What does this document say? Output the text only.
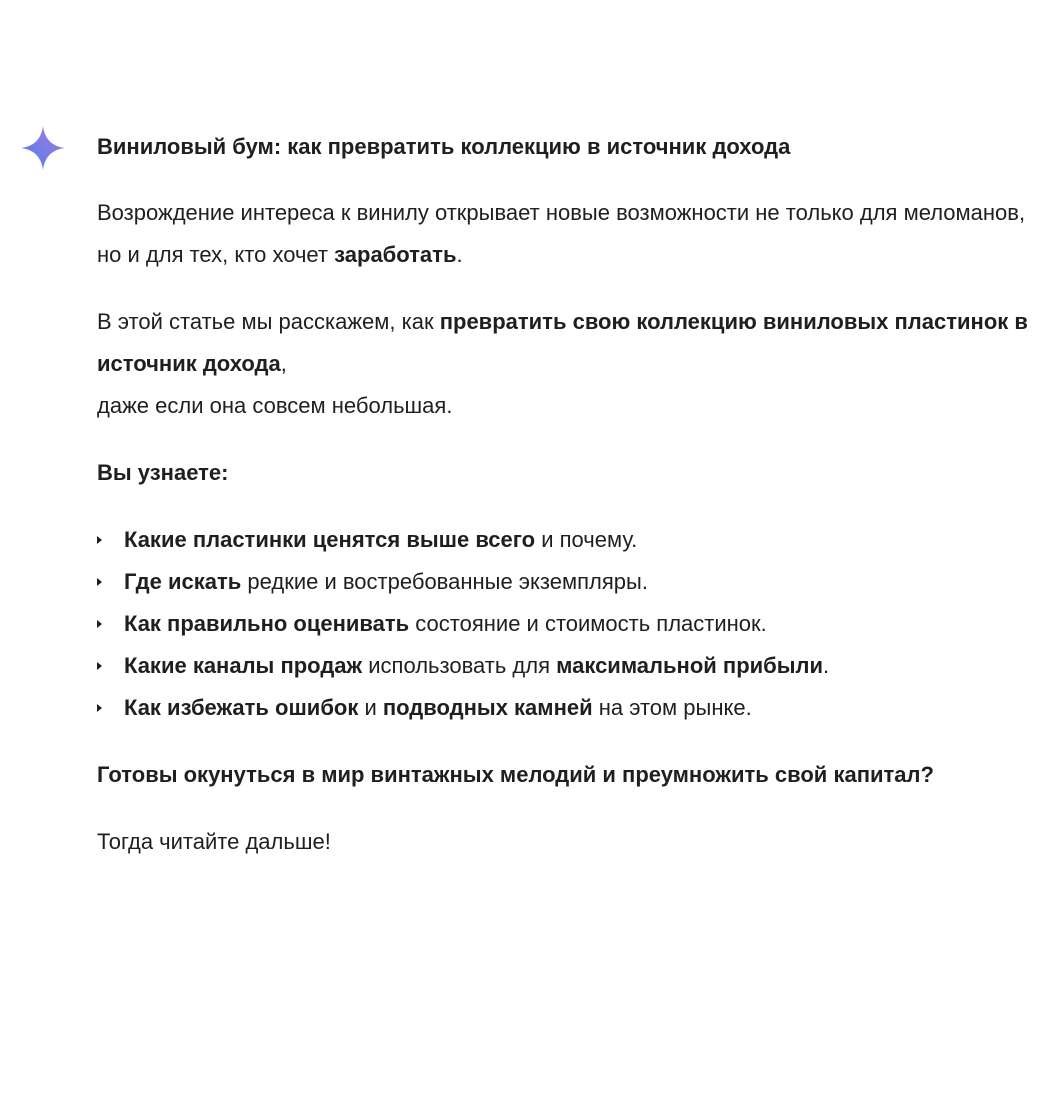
Виниловый бум: как превратить коллекцию в источник дохода

Возрождение интереса к винилу открывает новые возможности не только для меломанов, но и для тех, кто хочет заработать.

В этой статье мы расскажем, как превратить свою коллекцию виниловых пластинок в источник дохода,
даже если она совсем небольшая.

Вы узнаете:

Какие пластинки ценятся выше всего и почему.
Где искать редкие и востребованные экземпляры.
Как правильно оценивать состояние и стоимость пластинок.
Какие каналы продаж использовать для максимальной прибыли.
Как избежать ошибок и подводных камней на этом рынке.

Готовы окунуться в мир винтажных мелодий и преумножить свой капитал?

Тогда читайте дальше!
